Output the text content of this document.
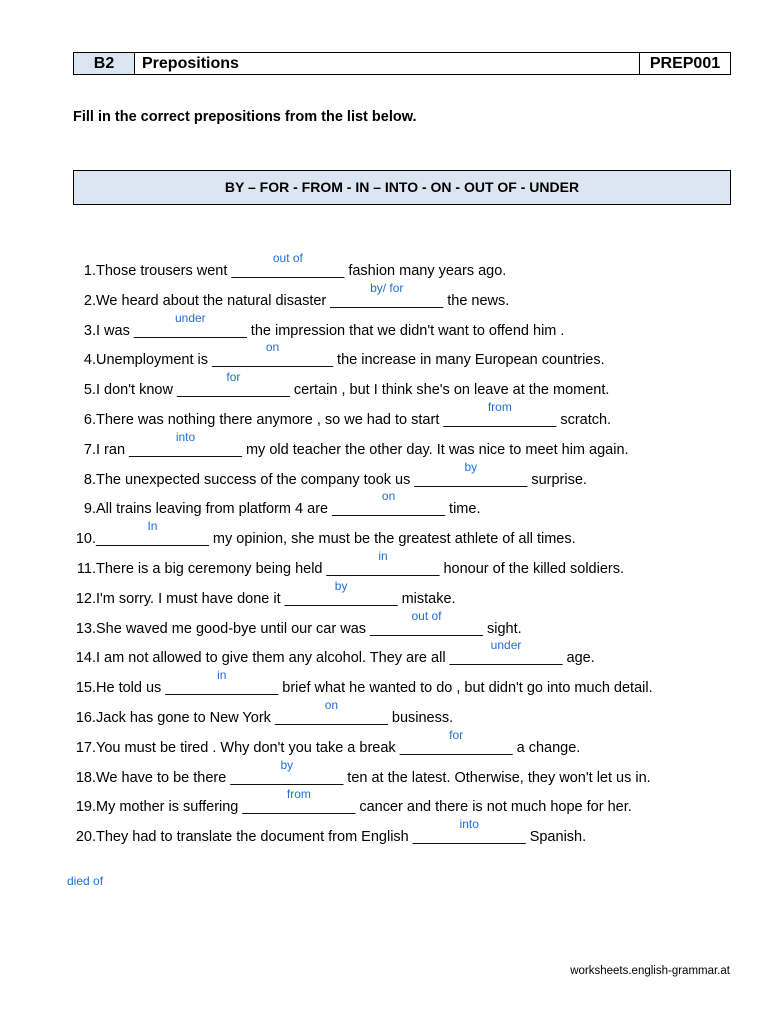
B2	Prepositions	PREP001
Fill in the correct prepositions from the list below.
BY – FOR - FROM - IN – INTO - ON - OUT OF - UNDER
1. Those trousers went ______________
out of
fashion many years ago.
2. We heard about the natural disaster ______________
by/ for
the news.
3. I was ______________
under
the impression that we didn't want to offend him .
4. Unemployment is _______________
on
the increase in many European countries.
5. I don't know ______________
for
certain , but I think she's on leave at the moment.
6. There was nothing there anymore , so we had to start ______________
from
scratch.
7. I ran ______________
into
my old teacher the other day. It was nice to meet him again.
8. The unexpected success of the company took us ______________
by
surprise.
9. All trains leaving from platform 4 are ______________
on
time.
10. ______________
In
my opinion, she must be the greatest athlete of all times.
11. There is a big ceremony being held ______________
in
honour of the killed soldiers.
12. I'm sorry. I must have done it ______________
by
mistake.
13. She waved me good-bye until our car was ______________
out of
sight.
14. I am not allowed to give them any alcohol. They are all ______________
under
age.
15. He told us ______________
in
brief what he wanted to do , but didn't go into much detail.
16. Jack has gone to New York ______________
on
business.
17. You must be tired . Why don't you take a break ______________
for
a change.
18. We have to be there ______________
by
ten at the latest. Otherwise, they won't let us in.
19. My mother is suffering ______________
from
cancer and there is not much hope for her.
20. They had to translate the document from English ______________
into
Spanish.
died of
worksheets.english-grammar.at
